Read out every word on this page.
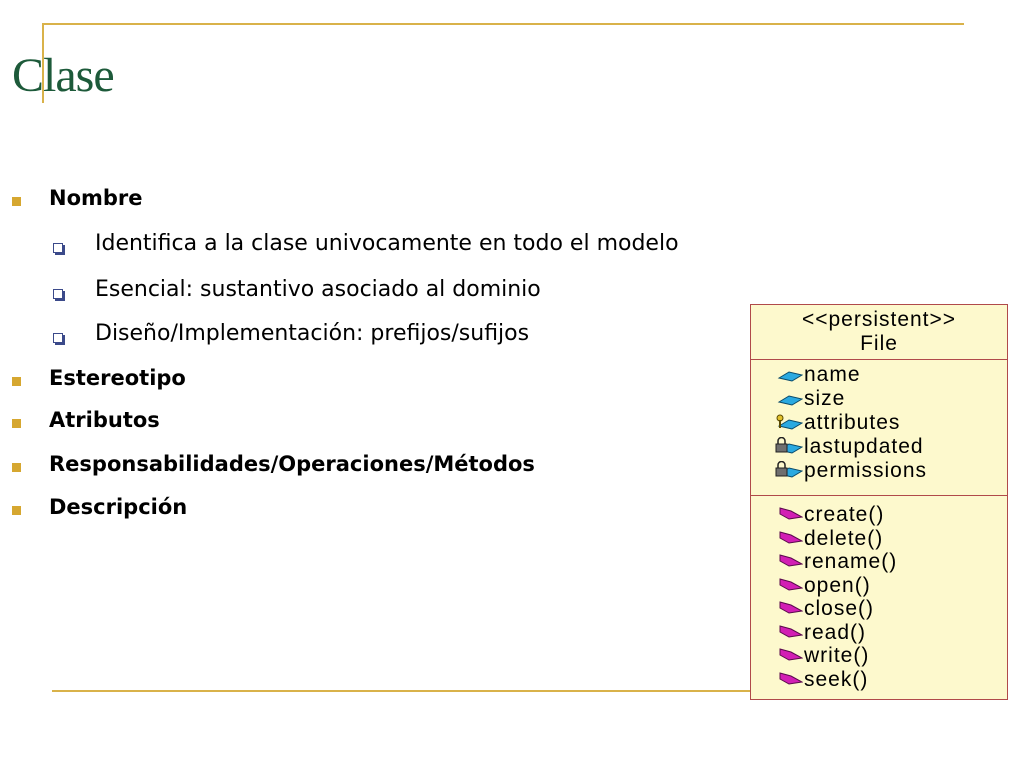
Clase
Nombre
Identifica a la clase univocamente en todo el modelo
Esencial: sustantivo asociado al dominio
Diseño/Implementación: prefijos/sufijos
Estereotipo
Atributos
Responsabilidades/Operaciones/Métodos
Descripción
<<persistent>>
File
name
size
attributes
lastupdated
permissions
create()
delete()
rename()
open()
close()
read()
write()
seek()
